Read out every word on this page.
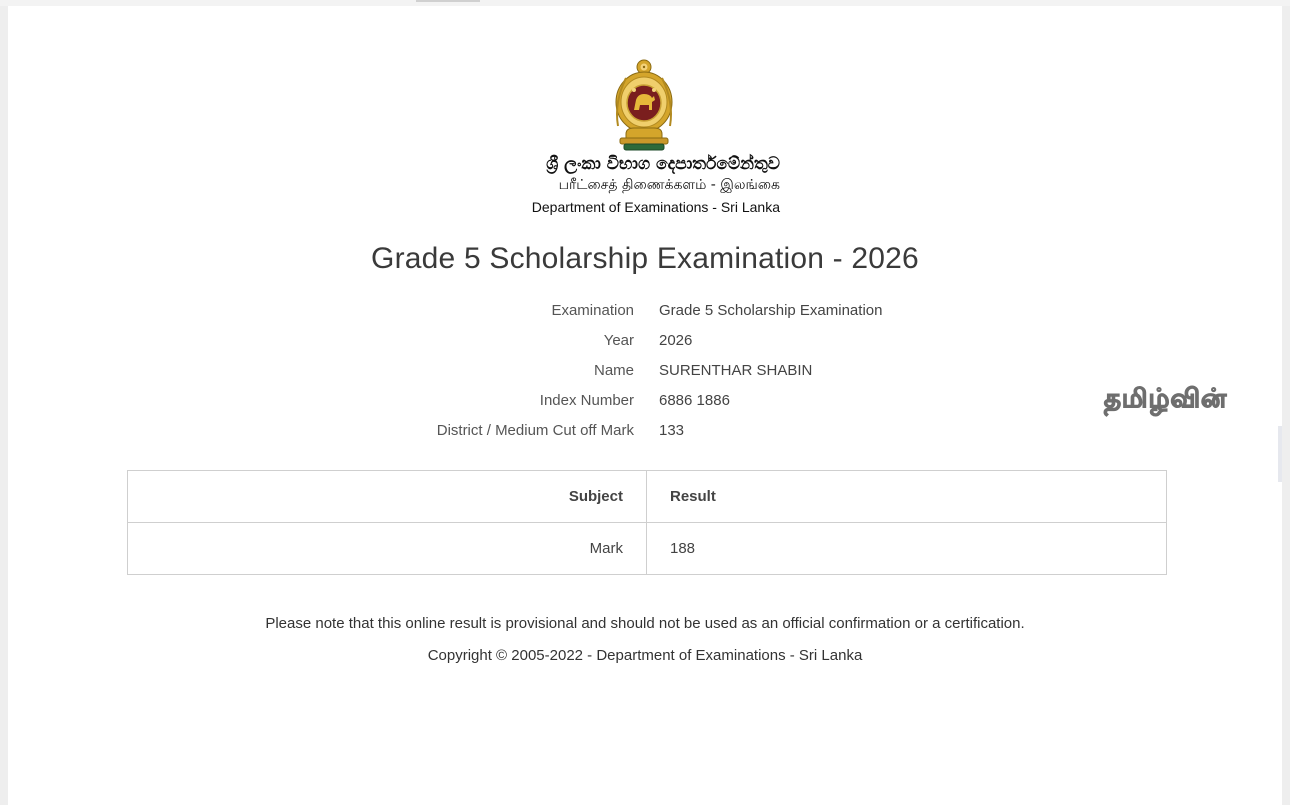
ශ්‍රී ලංකා විභාග දෙපාර්තමේන්තුව
பரீட்சைத் திணைக்களம் - இலங்கை
Department of Examinations - Sri Lanka
Grade 5 Scholarship Examination - 2026
Examination Grade 5 Scholarship Examination
Year 2026
Name SURENTHAR SHABIN
Index Number 6886 1886
District / Medium Cut off Mark 133
தமிழ்வின்
Subject	Result
Mark	188
Please note that this online result is provisional and should not be used as an official confirmation or a certification.
Copyright © 2005-2022 - Department of Examinations - Sri Lanka
